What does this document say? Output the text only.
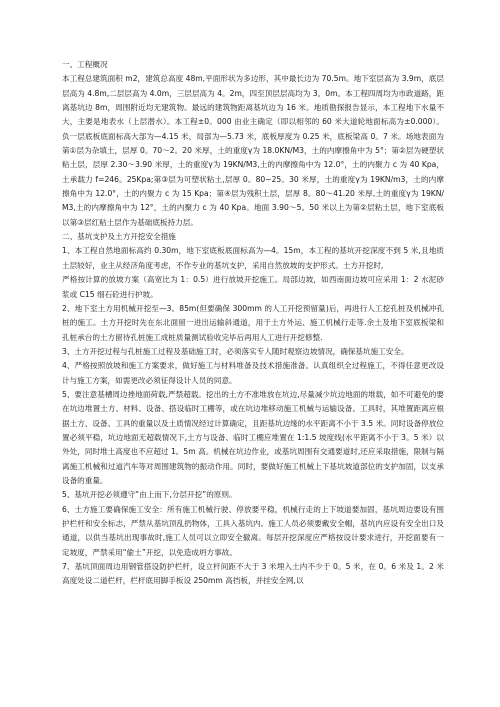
一、工程概况

本工程总建筑面积 m2，建筑总高度 48m,平面形状为多边形，其中最长边为 70.5m。地下室层高为 3.9m，底层层高为 4.8m,二层层高为 4.0m，三层层高为 4。2m，四至顶层层高均为 3。0m。本工程四周均为市政道路，距离基坑边 8m，周围附近均无建筑物。最远的建筑物距离基坑边为 16 米。地质勘探报告显示，本工程地下水量不大，主要是地表水（上层潜水）。本工程±0。000 由业主确定（即以相邻的 60 米大道轮地面标高为±0.000）。负一层底板底面标高大部为—4.15 米，局部为—5.73 米，底板厚度为 0.25 米，底板梁高 0。7 米。场地表面为第①层为杂填土，层厚 0。70～2。20 米厚，土的重度γ为 18.0KN/M3，土的内摩擦角中为 5°；第②层为硬塑状粘土层，层厚 2.30～3.90 米厚，土的重度γ为 19KN/M3,土的内摩擦角中为 12.0°，土的内聚力 c 为 40 Kpa，土承载力 f=246。25Kpa;第③层为可塑状粘土,层厚 0。80~25。30 米厚，土的重度γ为 19KN/m3，土的内摩擦角中为 12.0°，土的内聚力 c 为 15 Kpa；第④层为残积土层，层厚 8。80～41.20 米厚,土的重度γ为 19KN/M3,土的内摩擦角中为 12°，土的内聚力 c 为 40 Kpa。地面 3.90～5。50 米以上为第②层粘土层，地下室底板以第③层红粘土层作为基础底板持力层。

二、基坑支护及土方开挖安全措施

1、本工程自然地面标高约 0.30m，地下室底板底面标高为—4。15m，本工程的基坑开挖深度不到 5 米,且地质土层较好，业主从经济角度考虑，不作专业的基坑支护，采用自然放坡的支护形式。土方开挖时,

严格按计算的放坡方案（高宽比为 1：0.5）进行放坡开挖施工。局部边坡，如西南面边坡可应采用 1：2 水泥砂浆或 C15 细石砼进行护坡。

2、地下室土方用机械开挖至—3。85m(但要确保 300mm 的人工开挖预留量)后，再进行人工挖孔桩及机械冲孔桩的施工。土方开挖时先在东北面留一进出运输斜通道，用于土方外运、施工机械行走等.余土及地下室底板梁和孔桩承台的土方留待孔桩施工成桩质量测试验收完毕后再用人工进行开挖修整.

3、土方开挖过程与孔桩施工过程及基础施工时，必须落实专人随时观察边坡情况，确保基坑施工安全。

4、严格按照放坡和施工方案要求，做好施工与材料堆备及技术措施准备。认真组织全过程施工，不得任意更改设计与施工方案，如需更改必须征得设计人员的同意。

5、要注意基槽周边挫地面荷载,严禁超载。挖出的土方不准堆放在坑边,尽量减少坑边地面的堆载，如不可避免的要在坑边堆置土方、材料、设备、搭设临时工棚等，或在坑边堆移动施工机械与运输设备、工具时，其堆置距离应根据土方、设备、工具的重量以及土质情况经过计算确定，且距基坑边缘的水平距离不小于 3.5 米。同时设备停放位置必须平稳，坑边地面无超载情况下,土方与设备、临时工棚应堆置在 1:1.5 坡度线(水平距离不小于 3。5 米）以外处，同时堆土高度也不应超过 1。5m 高。机械在坑边作业，或基坑周围有交通要道时,还应采取措施，限制与隔离施工机械和过道汽车等对周围建筑物的振动作用。同时，要做好施工机械上下基坑坡道部位的支护加固，以支承设备的重量。

5、基坑开挖必须遵守“由上而下,分层开挖”的原则。

6、土方施工要确保施工安全：所有施工机械行驶、停放要平稳，机械行走的上下坡道要加固，基坑周边要设有围护栏杆和安全标志，严禁从基坑顶乱扔物体，工具入基坑内。施工人员必须要戴安全帽，基坑内应设有安全出口及通道，以供当基坑出现事故时,施工人员可以立即安全撤离。每层开挖深度应严格按设计要求进行，开挖面要有一定坡度，严禁采用“偷土”开挖，以免造成坍方事故。

7、基坑顶面周边用钢管搭设防护栏杆，设立杆间距不大于 3 米埋入土内不少于 0。5 米，在 0。6 米及 1。2 米高度处设二道栏杆，栏杆底用脚手板设 250mm 高挡板，并挂安全网,以
